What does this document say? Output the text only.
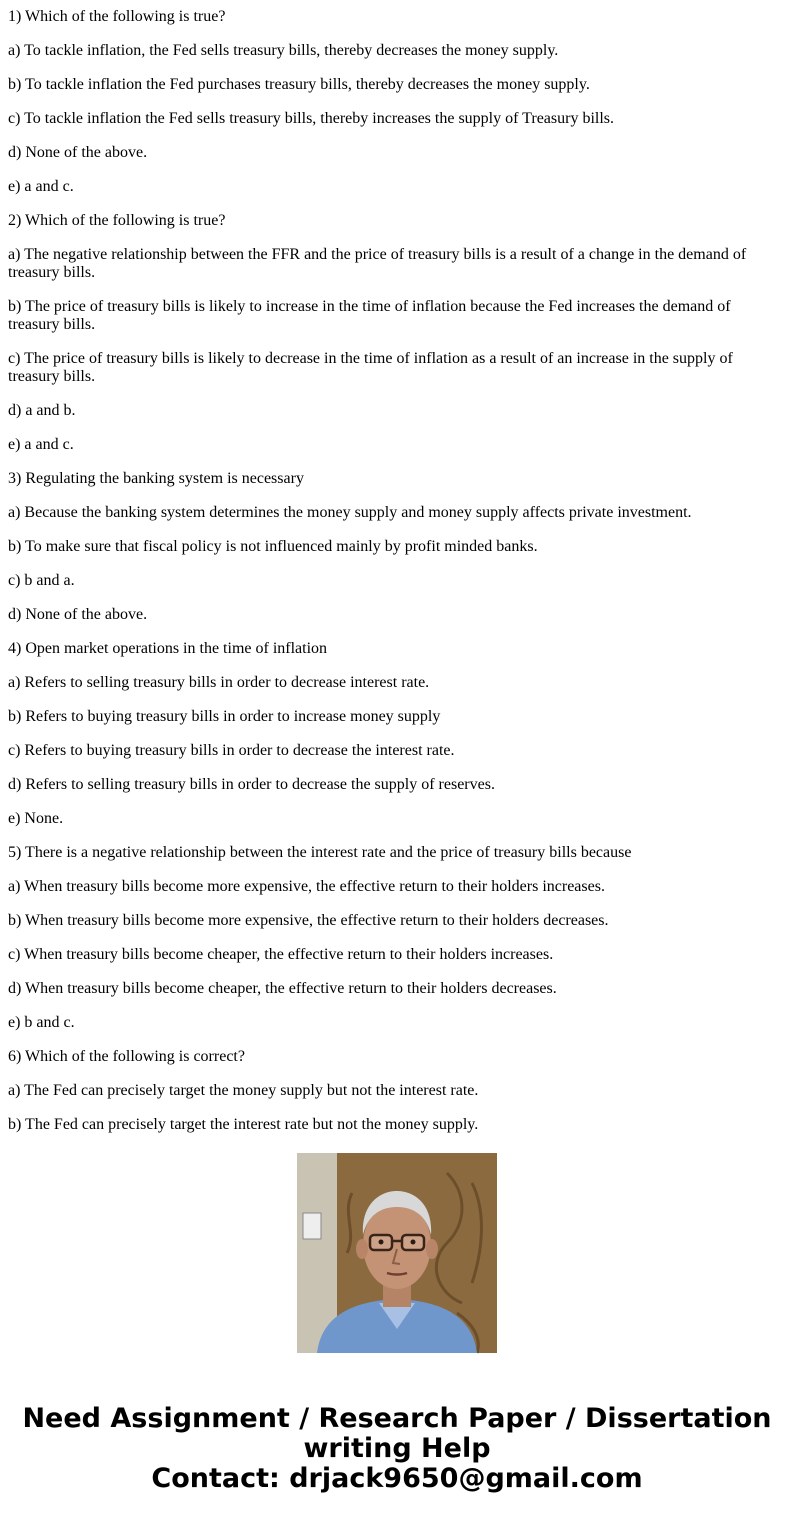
1) Which of the following is true?

a) To tackle inflation, the Fed sells treasury bills, thereby decreases the money supply.

b) To tackle inflation the Fed purchases treasury bills, thereby decreases the money supply.

c) To tackle inflation the Fed sells treasury bills, thereby increases the supply of Treasury bills.

d) None of the above.

e) a and c.

2) Which of the following is true?

a) The negative relationship between the FFR and the price of treasury bills is a result of a change in the demand of treasury bills.

b) The price of treasury bills is likely to increase in the time of inflation because the Fed increases the demand of treasury bills.

c) The price of treasury bills is likely to decrease in the time of inflation as a result of an increase in the supply of treasury bills.

d) a and b.

e) a and c.

3) Regulating the banking system is necessary

a) Because the banking system determines the money supply and money supply affects private investment.

b) To make sure that fiscal policy is not influenced mainly by profit minded banks.

c) b and a.

d) None of the above.

4) Open market operations in the time of inflation

a) Refers to selling treasury bills in order to decrease interest rate.

b) Refers to buying treasury bills in order to increase money supply

c) Refers to buying treasury bills in order to decrease the interest rate.

d) Refers to selling treasury bills in order to decrease the supply of reserves.

e) None.

5) There is a negative relationship between the interest rate and the price of treasury bills because

a) When treasury bills become more expensive, the effective return to their holders increases.

b) When treasury bills become more expensive, the effective return to their holders decreases.

c) When treasury bills become cheaper, the effective return to their holders increases.

d) When treasury bills become cheaper, the effective return to their holders decreases.

e) b and c.

6) Which of the following is correct?

a) The Fed can precisely target the money supply but not the interest rate.

b) The Fed can precisely target the interest rate but not the money supply.

Need Assignment / Research Paper / Dissertation
writing Help
Contact: drjack9650@gmail.com
